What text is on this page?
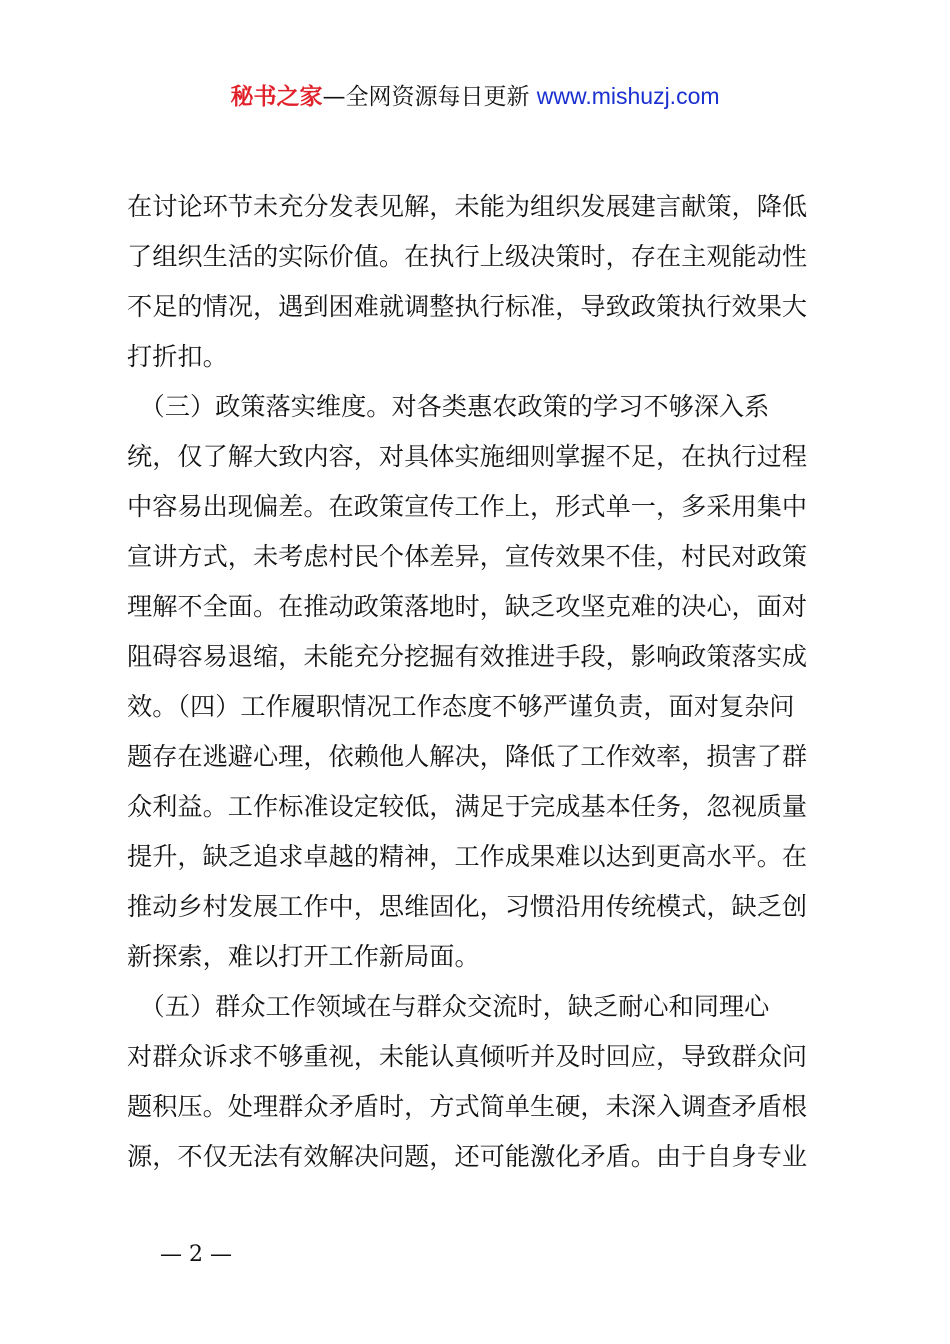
秘书之家—全网资源每日更新 www.mishuzj.com
在讨论环节未充分发表见解，未能为组织发展建言献策，降低
了组织生活的实际价值。在执行上级决策时，存在主观能动性
不足的情况，遇到困难就调整执行标准，导致政策执行效果大
打折扣。
　（三）政策落实维度。对各类惠农政策的学习不够深入系
统，仅了解大致内容，对具体实施细则掌握不足，在执行过程
中容易出现偏差。在政策宣传工作上，形式单一，多采用集中
宣讲方式，未考虑村民个体差异，宣传效果不佳，村民对政策
理解不全面。在推动政策落地时，缺乏攻坚克难的决心，面对
阻碍容易退缩，未能充分挖掘有效推进手段，影响政策落实成
效。（四）工作履职情况工作态度不够严谨负责，面对复杂问
题存在逃避心理，依赖他人解决，降低了工作效率，损害了群
众利益。工作标准设定较低，满足于完成基本任务，忽视质量
提升，缺乏追求卓越的精神，工作成果难以达到更高水平。在
推动乡村发展工作中，思维固化，习惯沿用传统模式，缺乏创
新探索，难以打开工作新局面。
　（五）群众工作领域在与群众交流时，缺乏耐心和同理心
对群众诉求不够重视，未能认真倾听并及时回应，导致群众问
题积压。处理群众矛盾时，方式简单生硬，未深入调查矛盾根
源，不仅无法有效解决问题，还可能激化矛盾。由于自身专业
— 2 —
